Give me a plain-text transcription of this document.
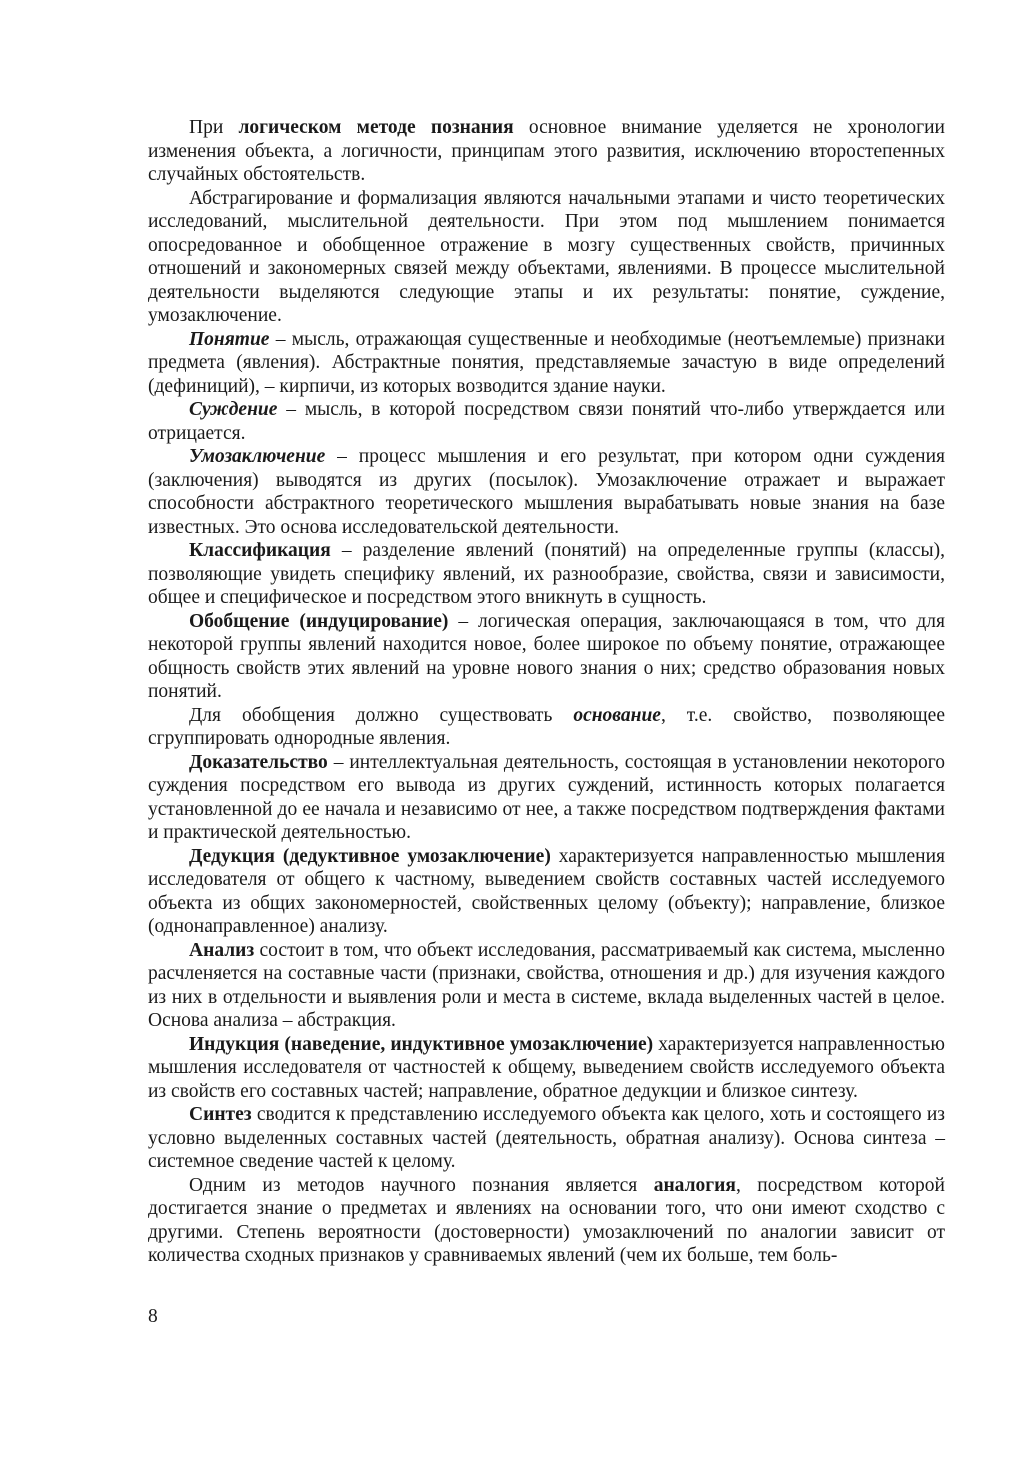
При логическом методе познания основное внимание уделяется не хронологии изменения объекта, а логичности, принципам этого развития, исключению второстепенных случайных обстоятельств.

Абстрагирование и формализация являются начальными этапами и чисто теоретических исследований, мыслительной деятельности. При этом под мышлением понимается опосредованное и обобщенное отражение в мозгу существенных свойств, причинных отношений и закономерных связей между объектами, явлениями. В процессе мыслительной деятельности выделяются следующие этапы и их результаты: понятие, суждение, умозаключение.

Понятие – мысль, отражающая существенные и необходимые (неотъемлемые) признаки предмета (явления). Абстрактные понятия, представляемые зачастую в виде определений (дефиниций), – кирпичи, из которых возводится здание науки.

Суждение – мысль, в которой посредством связи понятий что-либо утверждается или отрицается.

Умозаключение – процесс мышления и его результат, при котором одни суждения (заключения) выводятся из других (посылок). Умозаключение отражает и выражает способности абстрактного теоретического мышления вырабатывать новые знания на базе известных. Это основа исследовательской деятельности.

Классификация – разделение явлений (понятий) на определенные группы (классы), позволяющие увидеть специфику явлений, их разнообразие, свойства, связи и зависимости, общее и специфическое и посредством этого вникнуть в сущность.

Обобщение (индуцирование) – логическая операция, заключающаяся в том, что для некоторой группы явлений находится новое, более широкое по объему понятие, отражающее общность свойств этих явлений на уровне нового знания о них; средство образования новых понятий.

Для обобщения должно существовать основание, т.е. свойство, позволяющее сгруппировать однородные явления.

Доказательство – интеллектуальная деятельность, состоящая в установлении некоторого суждения посредством его вывода из других суждений, истинность которых полагается установленной до ее начала и независимо от нее, а также посредством подтверждения фактами и практической деятельностью.

Дедукция (дедуктивное умозаключение) характеризуется направленностью мышления исследователя от общего к частному, выведением свойств составных частей исследуемого объекта из общих закономерностей, свойственных целому (объекту); направление, близкое (однонаправленное) анализу.

Анализ состоит в том, что объект исследования, рассматриваемый как система, мысленно расчленяется на составные части (признаки, свойства, отношения и др.) для изучения каждого из них в отдельности и выявления роли и места в системе, вклада выделенных частей в целое. Основа анализа – абстракция.

Индукция (наведение, индуктивное умозаключение) характеризуется направленностью мышления исследователя от частностей к общему, выведением свойств исследуемого объекта из свойств его составных частей; направление, обратное дедукции и близкое синтезу.

Синтез сводится к представлению исследуемого объекта как целого, хоть и состоящего из условно выделенных составных частей (деятельность, обратная анализу). Основа синтеза – системное сведение частей к целому.

Одним из методов научного познания является аналогия, посредством которой достигается знание о предметах и явлениях на основании того, что они имеют сходство с другими. Степень вероятности (достоверности) умозаключений по аналогии зависит от количества сходных признаков у сравниваемых явлений (чем их больше, тем боль-

8
